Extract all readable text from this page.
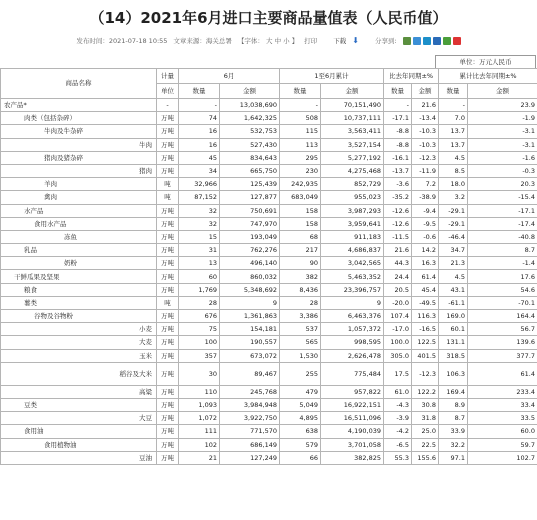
（14）2021年6月进口主要商品量值表（人民币值）
发布时间：2021-07-18 10:55 文章来源：海关总署 【字体： 大 中 小 】 打印 下载 ⬇ 分享到:
单位：万元人民币
商品名称	计量	6月		1至6月累计		比去年同期±%		累计比去年同期±%	
	单位	数量	金额	数量	金额	数量	金额	数量	金额
农产品*	-	-	13,038,690	-	70,151,490	-	21.6	-	23.9
肉类（包括杂碎）	万吨	74	1,642,325	508	10,737,111	-17.1	-13.4	7.0	-1.9
牛肉及牛杂碎	万吨	16	532,753	115	3,563,411	-8.8	-10.3	13.7	-3.1
牛肉	万吨	16	527,430	113	3,527,154	-8.8	-10.3	13.7	-3.1
猪肉及猪杂碎	万吨	45	834,643	295	5,277,192	-16.1	-12.3	4.5	-1.6
猪肉	万吨	34	665,750	230	4,275,468	-13.7	-11.9	8.5	-0.3
羊肉	吨	32,966	125,439	242,935	852,729	-3.6	7.2	18.0	20.3
禽肉	吨	87,152	127,877	683,049	955,023	-35.2	-38.9	3.2	-15.4
水产品	万吨	32	750,691	158	3,987,293	-12.6	-9.4	-29.1	-17.1
食用水产品	万吨	32	747,970	158	3,959,641	-12.6	-9.5	-29.1	-17.4
冻鱼	万吨	15	193,049	68	911,183	-11.5	-0.6	-46.4	-40.8
乳品	万吨	31	762,276	217	4,686,837	21.6	14.2	34.7	8.7
奶粉	万吨	13	496,140	90	3,042,565	44.3	16.3	21.3	-1.4
干鲜瓜果及坚果	万吨	60	860,032	382	5,463,352	24.4	61.4	4.5	17.6
粮食	万吨	1,769	5,348,692	8,436	23,396,757	20.5	45.4	43.1	54.6
薯类	吨	28	9	28	9	-20.0	-49.5	-61.1	-70.1
谷物及谷物粉	万吨	676	1,361,863	3,386	6,463,376	107.4	116.3	169.0	164.4
小麦	万吨	75	154,181	537	1,057,372	-17.0	-16.5	60.1	56.7
大麦	万吨	100	190,557	565	998,595	100.0	122.5	131.1	139.6
玉米	万吨	357	673,072	1,530	2,626,478	305.0	401.5	318.5	377.7
稻谷及大米	万吨	30	89,467	255	775,484	17.5	-12.3	106.3	61.4
高粱	万吨	110	245,768	479	957,822	61.0	122.2	169.4	233.4
豆类	万吨	1,093	3,984,948	5,049	16,922,151	-4.3	30.8	8.9	33.4
大豆	万吨	1,072	3,922,750	4,895	16,511,096	-3.9	31.8	8.7	33.5
食用油	万吨	111	771,570	638	4,190,039	-4.2	25.0	33.9	60.0
食用植物油	万吨	102	686,149	579	3,701,058	-6.5	22.5	32.2	59.7
豆油	万吨	21	127,249	66	382,825	55.3	155.6	97.1	102.7
